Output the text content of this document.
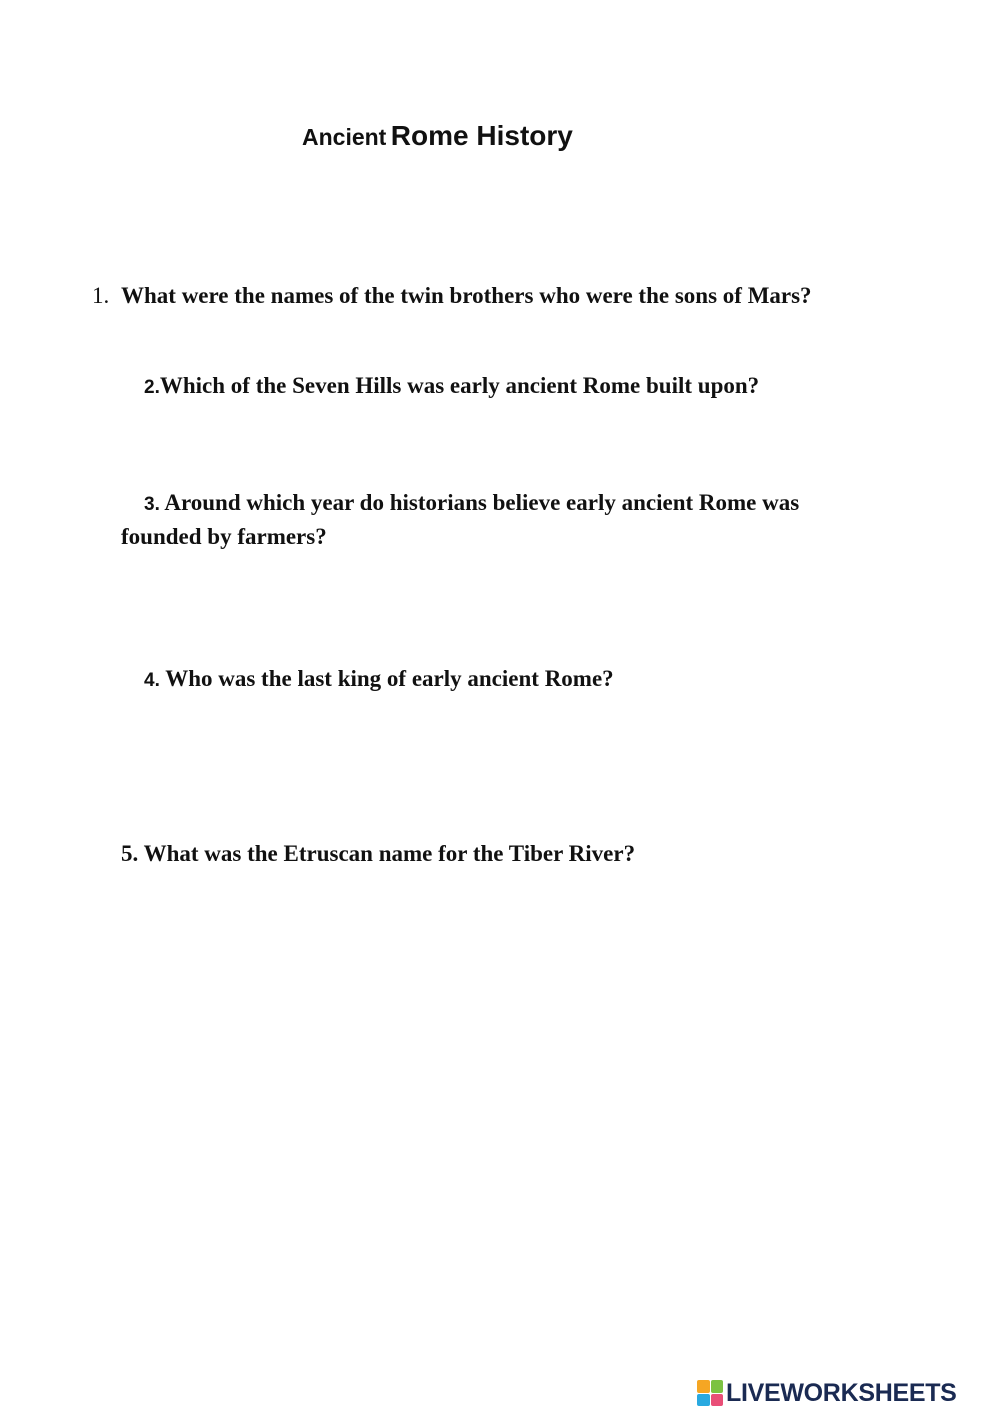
Ancient Rome History
1. What were the names of the twin brothers who were the sons of Mars?
2.Which of the Seven Hills was early ancient Rome built upon?
3. Around which year do historians believe early ancient Rome was
founded by farmers?
4. Who was the last king of early ancient Rome?
5. What was the Etruscan name for the Tiber River?
LIVEWORKSHEETS
